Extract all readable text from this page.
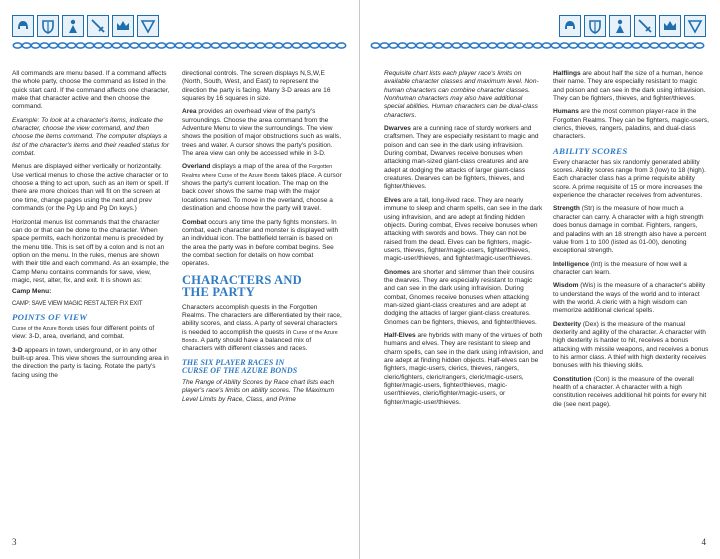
All commands are menu based. If a command affects the whole party, choose the command as listed in the quick start card. If the command affects one character, make that character active and then choose the command.

Example: To look at a character's items, indicate the character, choose the view command, and then choose the items command. The computer displays a list of the character's items and their readied status for combat.

Menus are displayed either vertically or horizontally. Use vertical menus to chose the active character or to choose a thing to act upon, such as an item or spell. If there are more choices than will fit on the screen at one time, change pages using the next and prev commands (or the Pg Up and Pg Dn keys.)

Horizontal menus list commands that the character can do or that can be done to the character. When space permits, each horizontal menu is preceded by the menu title. This is set off by a colon and is not an option on the menu. In the rules, menus are shown with their title and each command. As an example, the Camp Menu contains commands for save, view, magic, rest, alter, fix, and exit. It is shown as:

Camp Menu:

CAMP: SAVE VIEW MAGIC REST ALTER FIX EXIT
POINTS OF VIEW

Curse of the Azure Bonds uses four different points of view: 3-D, area, overland, and combat.

3-D appears in town, underground, or in any other built-up area. This view shows the surrounding area in the direction the party is facing. Rotate the party's facing using the

directional controls. The screen displays N,S,W,E (North, South, West, and East) to represent the direction the party is facing. Many 3-D areas are 16 squares by 16 squares in size.

Area provides an overhead view of the party's surroundings. Choose the area command from the Adventure Menu to view the surroundings. The view shows the position of major obstructions such as walls, trees and water. A cursor shows the party's position. The area view can only be accessed while in 3-D.

Overland displays a map of the area of the Forgotten Realms where Curse of the Azure Bonds takes place. A cursor shows the party's current location. The map on the back cover shows the same map with the major locations named. To move in the overland, choose a destination and choose how the party will travel.

Combat occurs any time the party fights monsters. In combat, each character and monster is displayed with an individual icon. The battlefield terrain is based on the area the party was in before combat begins. See the combat section for details on how combat operates.

CHARACTERS AND
THE PARTY

Characters accomplish quests in the Forgotten Realms. The characters are differentiated by their race, ability scores, and class. A party of several characters is needed to accomplish the quests in Curse of the Azure Bonds. A party should have a balanced mix of characters with different classes and races.

THE SIX PLAYER RACES IN
CURSE OF THE AZURE BONDS

The Range of Ability Scores by Race chart lists each player's race's limits on ability scores. The Maximum Level Limits by Race, Class, and Prime

3

Requisite chart lists each player race's limits on available character classes and maximum level. Non-human characters can combine character classes. Nonhuman characters may also have additional special abilities. Human characters can be dual-class characters.

Dwarves are a cunning race of sturdy workers and craftsmen. They are especially resistant to magic and poison and can see in the dark using infravision. During combat, Dwarves receive bonuses when attacking man-sized giant-class creatures and are adept at dodging the attacks of larger giant-class creatures. Dwarves can be fighters, thieves, and fighter/thieves.

Elves are a tall, long-lived race. They are nearly immune to sleep and charm spells, can see in the dark using infravision, and are adept at finding hidden objects. During combat, Elves receive bonuses when attacking with swords and bows. They can not be raised from the dead. Elves can be fighters, magic-users, thieves, fighter/magic-users, fighter/thieves, magic-user/thieves, and fighter/magic-user/thieves.

Gnomes are shorter and slimmer than their cousins the dwarves. They are especially resistant to magic and can see in the dark using infravision. During combat, Gnomes receive bonuses when attacking man-sized giant-class creatures and are adept at dodging the attacks of larger giant-class creatures. Gnomes can be fighters, thieves, and fighter/thieves.

Half-Elves are hybrids with many of the virtues of both humans and elves. They are resistant to sleep and charm spells, can see in the dark using infravision, and are adept at finding hidden objects. Half-elves can be fighters, magic-users, clerics, thieves, rangers, cleric/fighters, cleric/rangers, cleric/magic-users, fighter/magic-users, fighter/thieves, magic-user/thieves, cleric/fighter/magic-users, or fighter/magic-user/thieves.

Halflings are about half the size of a human, hence their name. They are especially resistant to magic and poison and can see in the dark using infravision. They can be fighters, thieves, and fighter/thieves.

Humans are the most common player-race in the Forgotten Realms. They can be fighters, magic-users, clerics, thieves, rangers, paladins, and dual-class characters.

ABILITY SCORES

Every character has six randomly generated ability scores. Ability scores range from 3 (low) to 18 (high). Each character class has a prime requisite ability score. A prime requisite of 15 or more increases the experience the character receives from adventures.

Strength (Str) is the measure of how much a character can carry. A character with a high strength does bonus damage in combat. Fighters, rangers, and paladins with an 18 strength also have a percent value from 1 to 100 (listed as 01-00), denoting exceptional strength.

Intelligence (Int) is the measure of how well a character can learn.

Wisdom (Wis) is the measure of a character's ability to understand the ways of the world and to interact with the world. A cleric with a high wisdom can memorize additional clerical spells.

Dexterity (Dex) is the measure of the manual dexterity and agility of the character. A character with high dexterity is harder to hit, receives a bonus attacking with missile weapons, and receives a bonus to his armor class. A thief with high dexterity receives bonuses with his thieving skills.

Constitution (Con) is the measure of the overall health of a character. A character with a high constitution receives additional hit points for every hit die (see next page).

4
